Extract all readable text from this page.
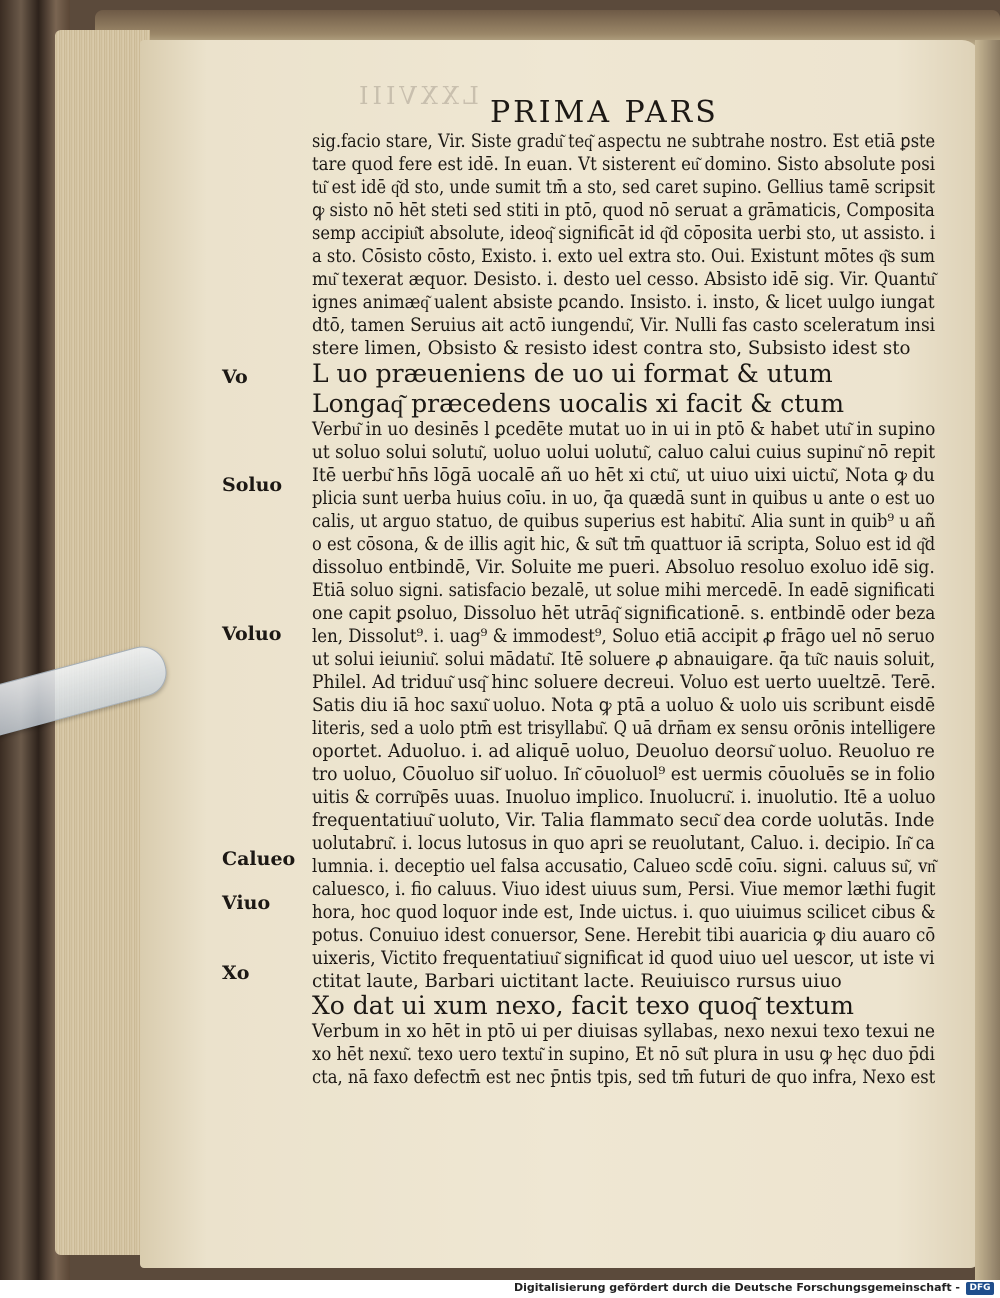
LXXVIII PRIMA PARS
Vo
Soluo
Voluo
Calueo
Viuo
Xo
sig.facio stare, Vir. Siste gradu͂ teq͂ aspectu ne subtrahe nostro. Est etiā ꝑste
tare quod fere est idē. In euan. Vt sisterent eu͂ domino. Sisto absolute posi
tu͂ est idē q͂d sto, unde sumit tm̄ a sto, sed caret supino. Gellius tamē scripsit
ꝙ sisto nō hēt steti sed stiti in ptō, quod nō seruat a grāmaticis, Composita
semp accipiu͂t absolute, ideoq͂ significāt id q͂d cōposita uerbi sto, ut assisto. i
a sto. Cōsisto cōsto, Existo. i. exto uel extra sto. Oui. Existunt mōtes q͂s sum
mu͂ texerat æquor. Desisto. i. desto uel cesso. Absisto idē sig. Vir. Quantu͂
ignes animæq͂ ualent absiste ꝑcando. Insisto. i. insto, & licet uulgo iungat
dtō, tamen Seruius ait actō iungendu͂, Vir. Nulli fas casto sceleratum insi
stere limen, Obsisto & resisto idest contra sto, Subsisto idest sto
L uo præueniens de uo ui format & utum
Longaq͂ præcedens uocalis xi facit & ctum
Verbu͂ in uo desinēs l ꝑcedēte mutat uo in ui in ptō & habet utu͂ in supino
ut soluo solui solutu͂, uoluo uolui uolutu͂, caluo calui cuius supinu͂ nō repit
Itē uerbu͂ hn̄s lōgā uocalē añ uo hēt xi ctu͂, ut uiuo uixi uictu͂, Nota ꝙ du
plicia sunt uerba huius coīu. in uo, q̄a quædā sunt in quibus u ante o est uo
calis, ut arguo statuo, de quibus superius est habitu͂. Alia sunt in quib⁹ u añ
o est cōsona, & de illis agit hic, & su͂t tm̄ quattuor iā scripta, Soluo est id q͂d
dissoluo entbindē, Vir. Soluite me pueri. Absoluo resoluo exoluo idē sig.
Etiā soluo signi. satisfacio bezalē, ut solue mihi mercedē. In eadē significati
one capit ꝑsoluo, Dissoluo hēt utrāq͂ significationē. s. entbindē oder beza
len, Dissolut⁹. i. uag⁹ & immodest⁹, Soluo etiā accipit ꝓ frāgo uel nō seruo
ut solui ieiuniu͂. solui mādatu͂. Itē soluere ꝓ abnauigare. q̄a tu͂c nauis soluit,
Philel. Ad triduu͂ usq͂ hinc soluere decreui. Voluo est uerto uueltzē. Terē.
Satis diu iā hoc saxu͂ uoluo. Nota ꝙ ptā a uoluo & uolo uis scribunt eisdē
literis, sed a uolo ptm̄ est trisyllabu͂. Q uā drn̄am ex sensu orōnis intelligere
oportet. Aduoluo. i. ad aliquē uoluo, Deuoluo deorsu͂ uoluo. Reuoluo re
tro uoluo, Cōuoluo sil͂ uoluo. In͂ cōuoluol⁹ est uermis cōuoluēs se in folio
uitis & corru͂pēs uuas. Inuoluo implico. Inuolucru͂. i. inuolutio. Itē a uoluo
frequentatiuu͂ uoluto, Vir. Talia flammato secu͂ dea corde uolutās. Inde
uolutabru͂. i. locus lutosus in quo apri se reuolutant, Caluo. i. decipio. In͂ ca
lumnia. i. deceptio uel falsa accusatio, Calueo scdē coīu. signi. caluus su͂, vn͂
caluesco, i. fio caluus. Viuo idest uiuus sum, Persi. Viue memor læthi fugit
hora, hoc quod loquor inde est, Inde uictus. i. quo uiuimus scilicet cibus &
potus. Conuiuo idest conuersor, Sene. Herebit tibi auaricia ꝙ diu auaro cō
uixeris, Victito frequentatiuu͂ significat id quod uiuo uel uescor, ut iste vi
ctitat laute, Barbari uictitant lacte. Reuiuisco rursus uiuo
Xo dat ui xum nexo, facit texo quoq͂ textum
Verbum in xo hēt in ptō ui per diuisas syllabas, nexo nexui texo texui ne
xo hēt nexu͂. texo uero textu͂ in supino, Et nō su͂t plura in usu ꝙ hęc duo p̄di
cta, nā faxo defectm̄ est nec p̄ntis tpis, sed tm̄ futuri de quo infra, Nexo est
Digitalisierung gefördert durch die Deutsche Forschungsgemeinschaft -	DFG
